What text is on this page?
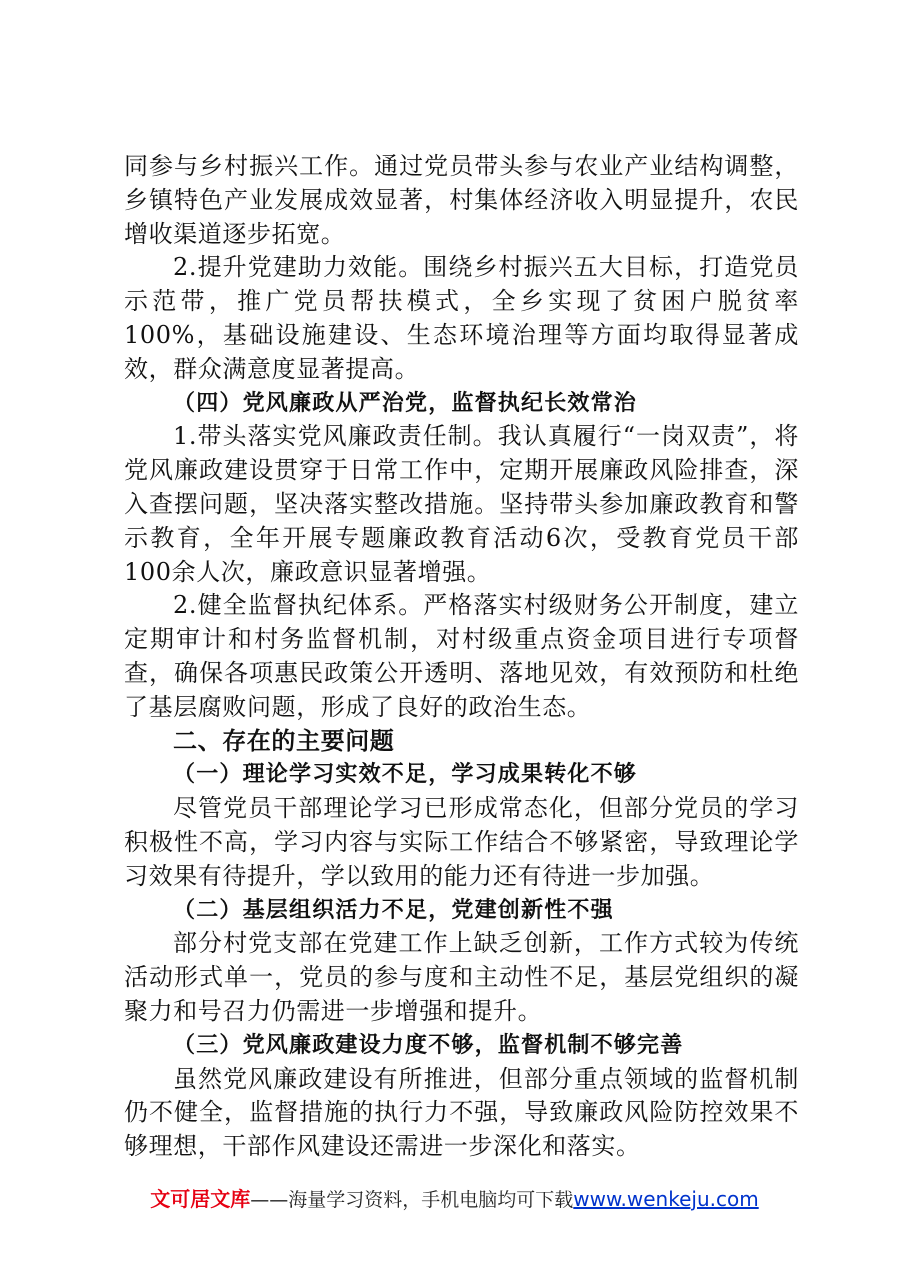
同参与乡村振兴工作。通过党员带头参与农业产业结构调整，乡镇特色产业发展成效显著，村集体经济收入明显提升，农民增收渠道逐步拓宽。

2.提升党建助力效能。围绕乡村振兴五大目标，打造党员示范带，推广党员帮扶模式，全乡实现了贫困户脱贫率100%，基础设施建设、生态环境治理等方面均取得显著成效，群众满意度显著提高。

（四）党风廉政从严治党，监督执纪长效常治

1.带头落实党风廉政责任制。我认真履行“一岗双责”，将党风廉政建设贯穿于日常工作中，定期开展廉政风险排查，深入查摆问题，坚决落实整改措施。坚持带头参加廉政教育和警示教育，全年开展专题廉政教育活动6次，受教育党员干部100余人次，廉政意识显著增强。

2.健全监督执纪体系。严格落实村级财务公开制度，建立定期审计和村务监督机制，对村级重点资金项目进行专项督查，确保各项惠民政策公开透明、落地见效，有效预防和杜绝了基层腐败问题，形成了良好的政治生态。

二、存在的主要问题

（一）理论学习实效不足，学习成果转化不够

尽管党员干部理论学习已形成常态化，但部分党员的学习积极性不高，学习内容与实际工作结合不够紧密，导致理论学习效果有待提升，学以致用的能力还有待进一步加强。

（二）基层组织活力不足，党建创新性不强

部分村党支部在党建工作上缺乏创新，工作方式较为传统活动形式单一，党员的参与度和主动性不足，基层党组织的凝聚力和号召力仍需进一步增强和提升。

（三）党风廉政建设力度不够，监督机制不够完善

虽然党风廉政建设有所推进，但部分重点领域的监督机制仍不健全，监督措施的执行力不强，导致廉政风险防控效果不够理想，干部作风建设还需进一步深化和落实。

文可居文库——海量学习资料，手机电脑均可下载www.wenkeju.com
